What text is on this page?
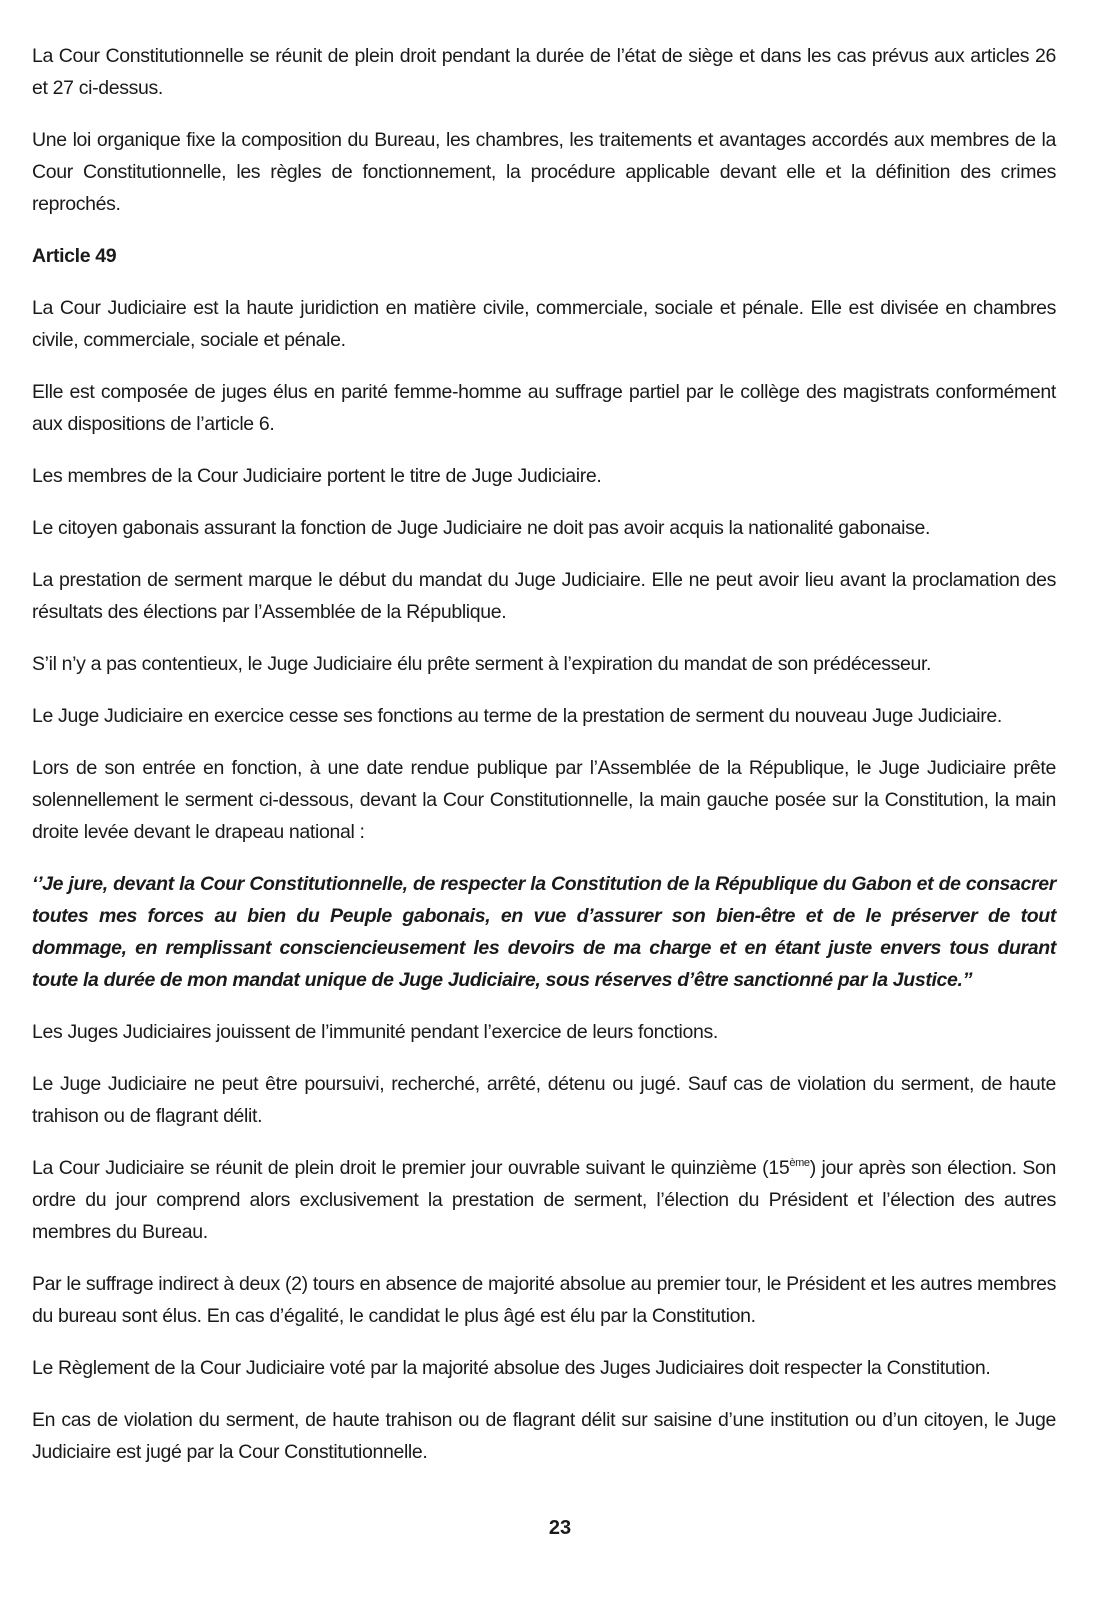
La Cour Constitutionnelle se réunit de plein droit pendant la durée de l’état de siège et dans les cas prévus aux articles 26 et 27 ci-dessus.

Une loi organique fixe la composition du Bureau, les chambres, les traitements et avantages accordés aux membres de la Cour Constitutionnelle, les règles de fonctionnement, la procédure applicable devant elle et la définition des crimes reprochés.

Article 49

La Cour Judiciaire est la haute juridiction en matière civile, commerciale, sociale et pénale. Elle est divisée en chambres civile, commerciale, sociale et pénale.

Elle est composée de juges élus en parité femme-homme au suffrage partiel par le collège des magistrats conformément aux dispositions de l’article 6.

Les membres de la Cour Judiciaire portent le titre de Juge Judiciaire.

Le citoyen gabonais assurant la fonction de Juge Judiciaire ne doit pas avoir acquis la nationalité gabonaise.

La prestation de serment marque le début du mandat du Juge Judiciaire. Elle ne peut avoir lieu avant la proclamation des résultats des élections par l’Assemblée de la République.

S’il n’y a pas contentieux, le Juge Judiciaire élu prête serment à l’expiration du mandat de son prédécesseur.

Le Juge Judiciaire en exercice cesse ses fonctions au terme de la prestation de serment du nouveau Juge Judiciaire.

Lors de son entrée en fonction, à une date rendue publique par l’Assemblée de la République, le Juge Judiciaire prête solennellement le serment ci-dessous, devant la Cour Constitutionnelle, la main gauche posée sur la Constitution, la main droite levée devant le drapeau national :

‘’Je jure, devant la Cour Constitutionnelle, de respecter la Constitution de la République du Gabon et de consacrer toutes mes forces au bien du Peuple gabonais, en vue d’assurer son bien-être et de le préserver de tout dommage, en remplissant consciencieusement les devoirs de ma charge et en étant juste envers tous durant toute la durée de mon mandat unique de Juge Judiciaire, sous réserves d’être sanctionné par la Justice.’’

Les Juges Judiciaires jouissent de l’immunité pendant l’exercice de leurs fonctions.

Le Juge Judiciaire ne peut être poursuivi, recherché, arrêté, détenu ou jugé. Sauf cas de violation du serment, de haute trahison ou de flagrant délit.

La Cour Judiciaire se réunit de plein droit le premier jour ouvrable suivant le quinzième (15ème) jour après son élection. Son ordre du jour comprend alors exclusivement la prestation de serment, l’élection du Président et l’élection des autres membres du Bureau.

Par le suffrage indirect à deux (2) tours en absence de majorité absolue au premier tour, le Président et les autres membres du bureau sont élus. En cas d’égalité, le candidat le plus âgé est élu par la Constitution.

Le Règlement de la Cour Judiciaire voté par la majorité absolue des Juges Judiciaires doit respecter la Constitution.

En cas de violation du serment, de haute trahison ou de flagrant délit sur saisine d’une institution ou d’un citoyen, le Juge Judiciaire est jugé par la Cour Constitutionnelle.

23
